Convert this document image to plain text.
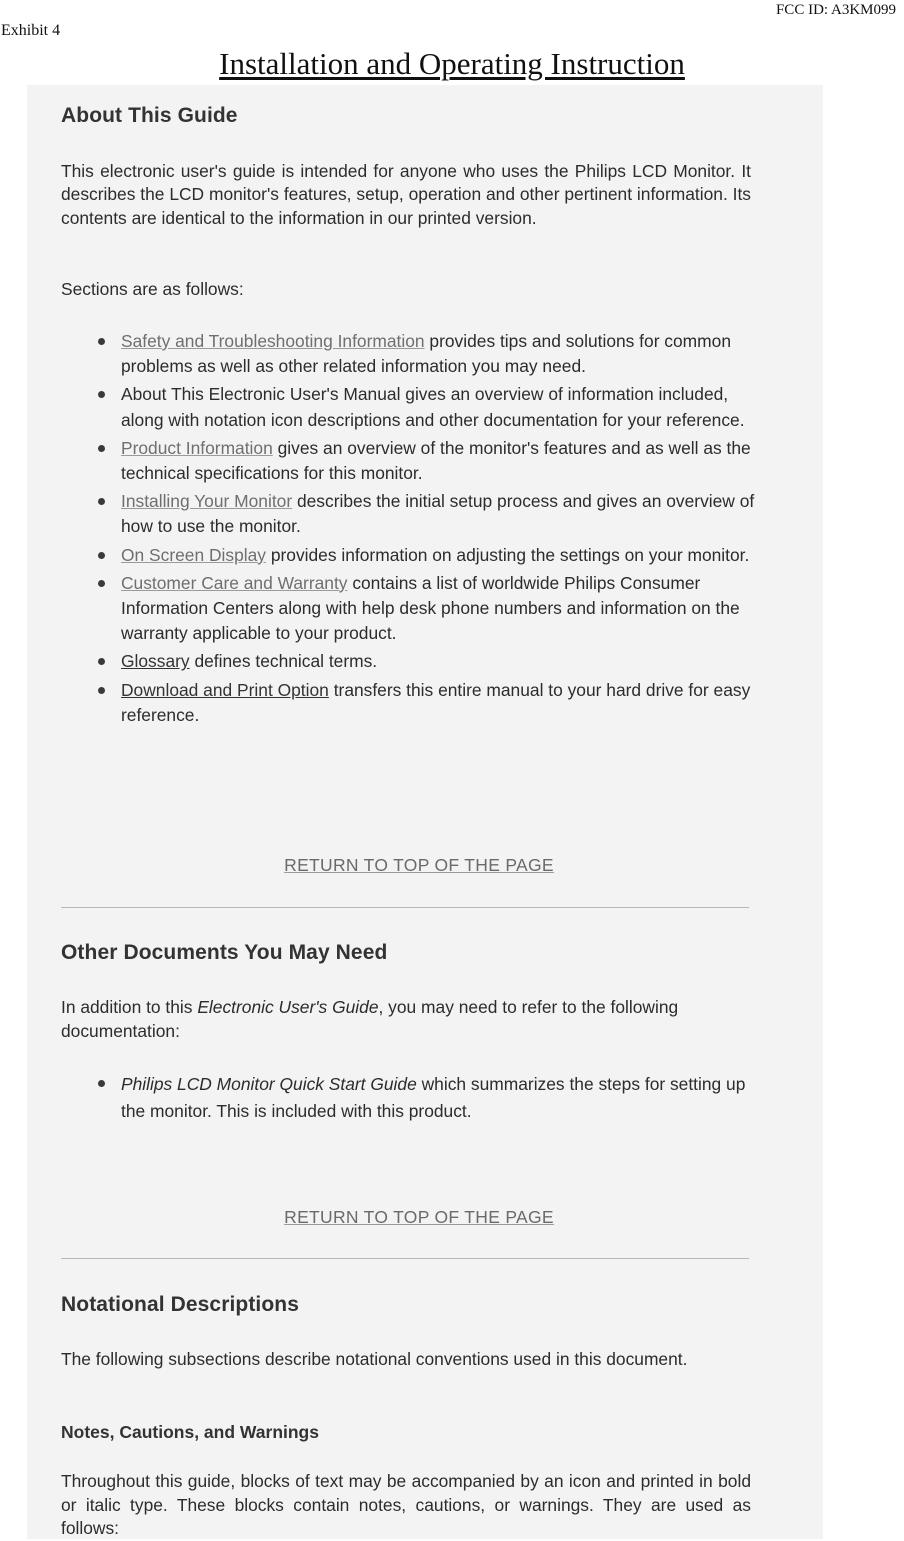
FCC ID: A3KM099
Exhibit 4
Installation and Operating Instruction
About This Guide

This electronic user's guide is intended for anyone who uses the Philips LCD Monitor. It describes the LCD monitor's features, setup, operation and other pertinent information. Its contents are identical to the information in our printed version.

Sections are as follows:

Safety and Troubleshooting Information provides tips and solutions for common problems as well as other related information you may need.
About This Electronic User's Manual gives an overview of information included, along with notation icon descriptions and other documentation for your reference.
Product Information gives an overview of the monitor's features and as well as the technical specifications for this monitor.
Installing Your Monitor describes the initial setup process and gives an overview of how to use the monitor.
On Screen Display provides information on adjusting the settings on your monitor.
Customer Care and Warranty contains a list of worldwide Philips Consumer Information Centers along with help desk phone numbers and information on the warranty applicable to your product.
Glossary defines technical terms.
Download and Print Option transfers this entire manual to your hard drive for easy reference.
RETURN TO TOP OF THE PAGE
Other Documents You May Need

In addition to this Electronic User's Guide, you may need to refer to the following documentation:

Philips LCD Monitor Quick Start Guide which summarizes the steps for setting up the monitor. This is included with this product.
RETURN TO TOP OF THE PAGE
Notational Descriptions

The following subsections describe notational conventions used in this document.

Notes, Cautions, and Warnings

Throughout this guide, blocks of text may be accompanied by an icon and printed in bold or italic type. These blocks contain notes, cautions, or warnings. They are used as follows:
